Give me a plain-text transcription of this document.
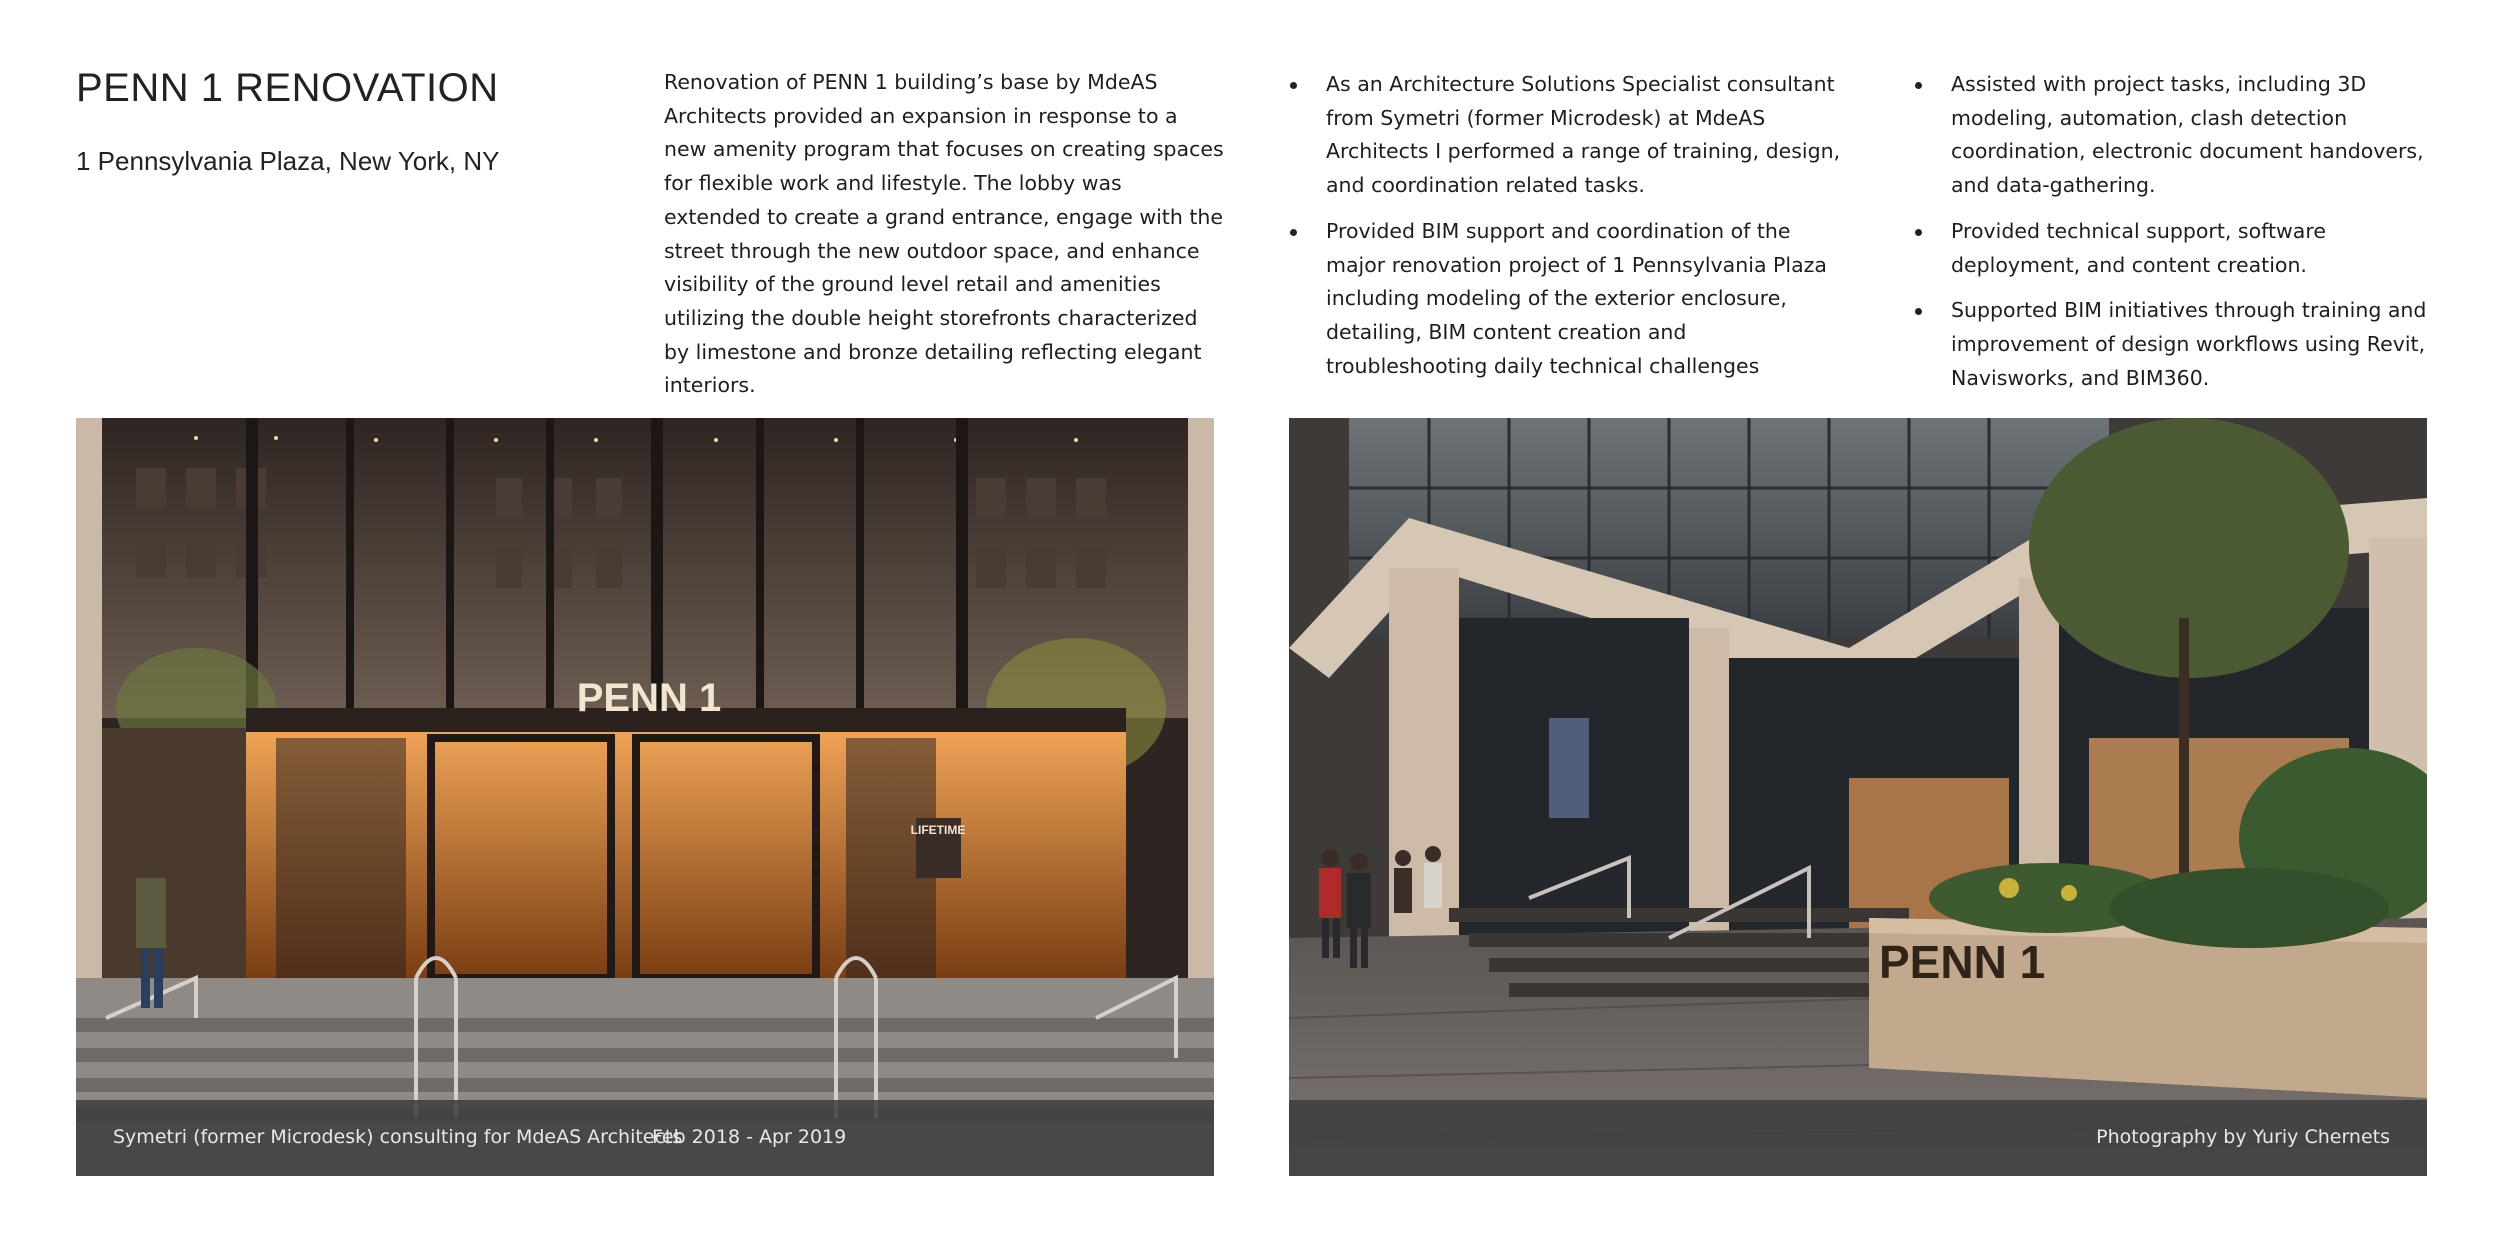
PENN 1 RENOVATION
1 Pennsylvania Plaza, New York, NY

Renovation of PENN 1 building’s base by MdeAS Architects provided an expansion in response to a new amenity program that focuses on creating spaces for flexible work and lifestyle. The lobby was extended to create a grand entrance, engage with the street through the new outdoor space, and enhance visibility of the ground level retail and amenities utilizing the double height storefronts characterized by limestone and bronze detailing reflecting elegant interiors.

As an Architecture Solutions Specialist consultant from Symetri (former Microdesk) at MdeAS Architects I performed a range of training, design, and coordination related tasks.
Provided BIM support and coordination of the major renovation project of 1 Pennsylvania Plaza including modeling of the exterior enclosure, detailing, BIM content creation and troubleshooting daily technical challenges
Assisted with project tasks, including 3D modeling, automation, clash detection coordination, electronic document handovers, and data-gathering.
Provided technical support, software deployment, and content creation.
Supported BIM initiatives through training and improvement of design workflows using Revit, Navisworks, and BIM360.
PENN 1
LIFETIME
Symetri (former Microdesk) consulting for MdeAS Architects
Feb 2018 - Apr 2019
PENN 1
Photography by Yuriy Chernets
